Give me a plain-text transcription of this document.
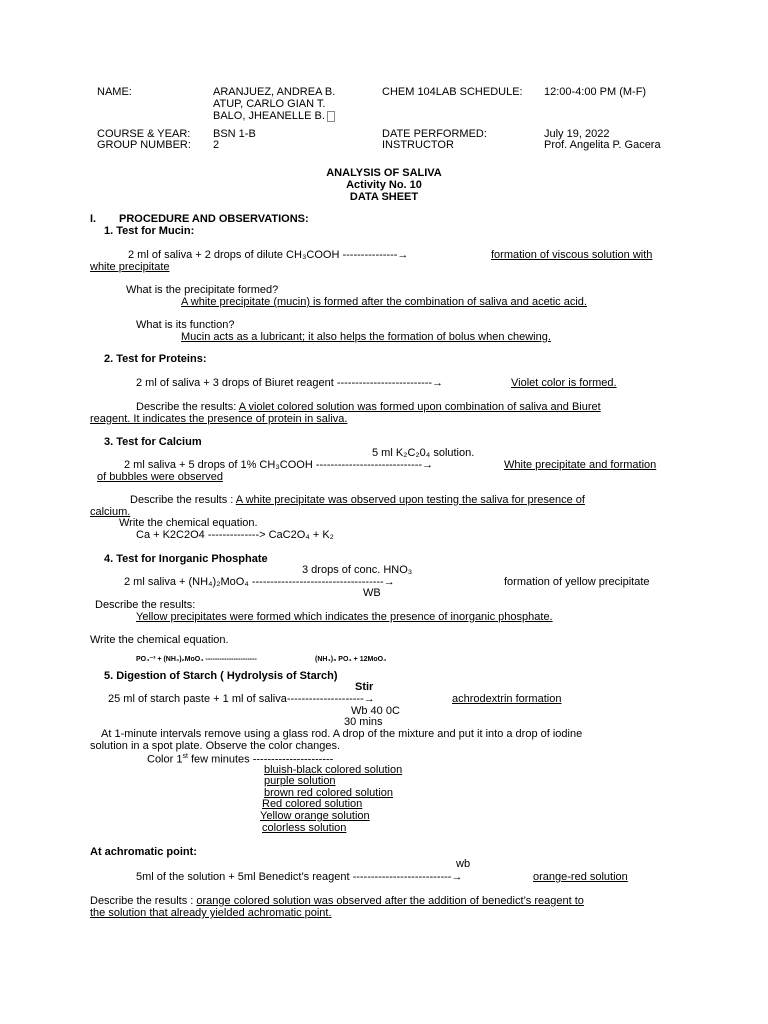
NAME:	ARANJUEZ, ANDREA B.
ATUP, CARLO GIAN T.
BALO, JHEANELLE B.
CHEM 104LAB SCHEDULE: 12:00-4:00 PM (M-F)
COURSE & YEAR: BSN 1-B	DATE PERFORMED:	July 19, 2022
GROUP NUMBER: 2	INSTRUCTOR	Prof. Angelita P. Gacera
ANALYSIS OF SALIVA
Activity No. 10
DATA SHEET
I. PROCEDURE AND OBSERVATIONS:
1. Test for Mucin:
2 ml of saliva + 2 drops of dilute CH₃COOH ---------------→	formation of viscous solution with
white precipitate
What is the precipitate formed?
A white precipitate (mucin) is formed after the combination of saliva and acetic acid.
What is its function?
Mucin acts as a lubricant; it also helps the formation of bolus when chewing.
2. Test for Proteins:
2 ml of saliva + 3 drops of Biuret reagent --------------------------→	Violet color is formed.
Describe the results: A violet colored solution was formed upon combination of saliva and Biuret
reagent. It indicates the presence of protein in saliva.
3. Test for Calcium
5 ml K₂C₂0₄ solution.
2 ml saliva + 5 drops of 1% CH₃COOH -----------------------------→	White precipitate and formation
of bubbles were observed
Describe the results : A white precipitate was observed upon testing the saliva for presence of
calcium.
Write the chemical equation.
Ca + K2C2O4 --------------> CaC2O₄ + K₂
4. Test for Inorganic Phosphate
3 drops of conc. HNO₃
2 ml saliva + (NH₄)₂MoO₄ ------------------------------------→	formation of yellow precipitate
WB
Describe the results:
Yellow precipitates were formed which indicates the presence of inorganic phosphate.
Write the chemical equation.
PO₄⁻³ + (NH₄)₂MoO₄ ----------------------	(NH₄)₃ PO₄ + 12MoO₄
5. Digestion of Starch ( Hydrolysis of Starch)
Stir
25 ml of starch paste + 1 ml of saliva---------------------→	achrodextrin formation
Wb 40 0C
30 mins
At 1-minute intervals remove using a glass rod. A drop of the mixture and put it into a drop of iodine
solution in a spot plate. Observe the color changes.
Color 1st few minutes ----------------------
bluish-black colored solution
purple solution
brown red colored solution
Red colored solution
Yellow orange solution
colorless solution
At achromatic point:
wb
5ml of the solution + 5ml Benedict’s reagent ---------------------------→	orange-red solution
Describe the results : orange colored solution was observed after the addition of benedict’s reagent to
the solution that already yielded achromatic point.
